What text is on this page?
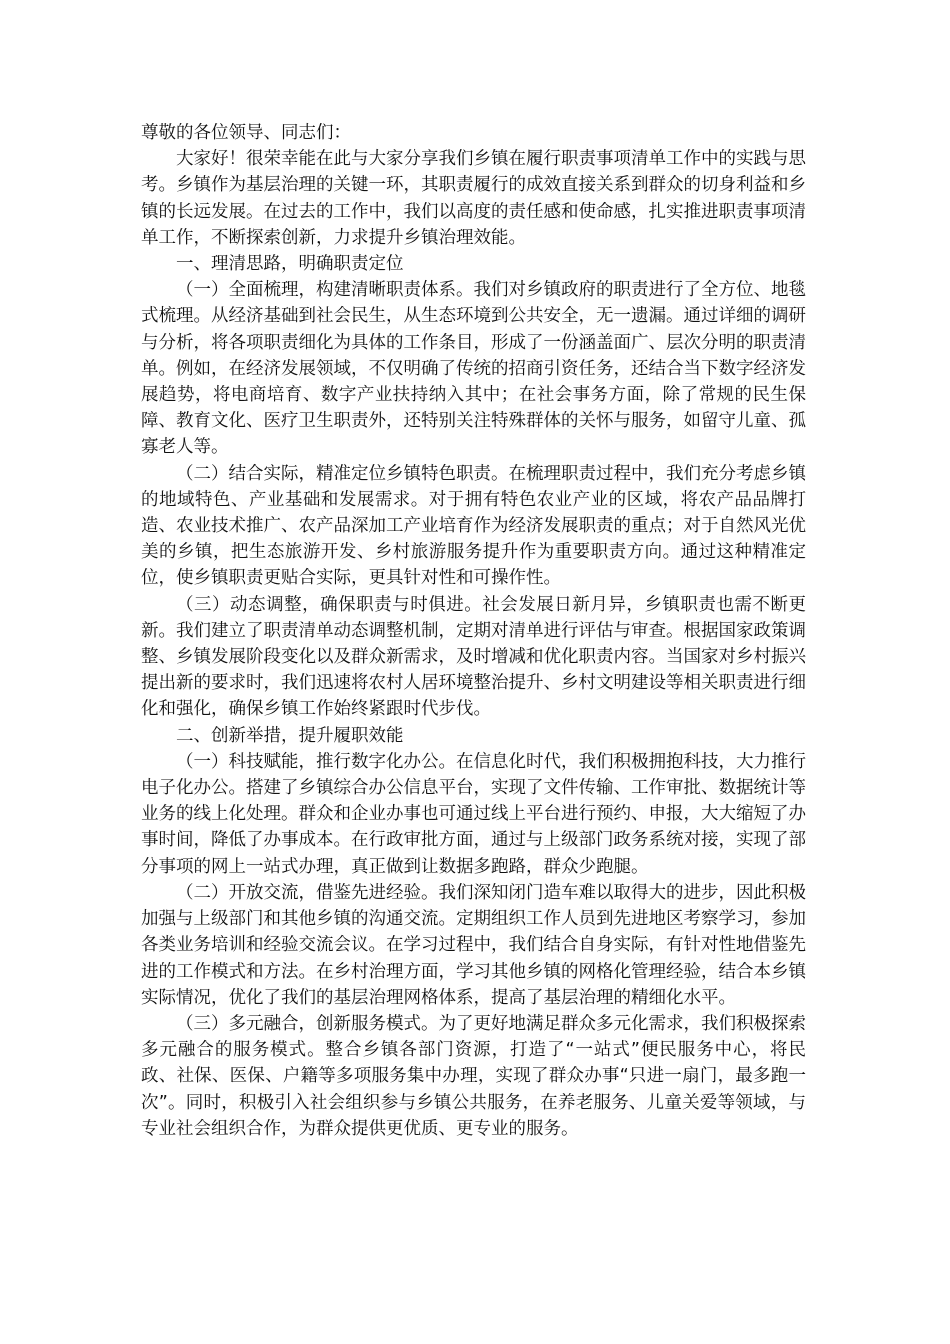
尊敬的各位领导、同志们：

大家好！很荣幸能在此与大家分享我们乡镇在履行职责事项清单工作中的实践与思考。乡镇作为基层治理的关键一环，其职责履行的成效直接关系到群众的切身利益和乡镇的长远发展。在过去的工作中，我们以高度的责任感和使命感，扎实推进职责事项清单工作，不断探索创新，力求提升乡镇治理效能。

一、理清思路，明确职责定位

（一）全面梳理，构建清晰职责体系。我们对乡镇政府的职责进行了全方位、地毯式梳理。从经济基础到社会民生，从生态环境到公共安全，无一遗漏。通过详细的调研与分析，将各项职责细化为具体的工作条目，形成了一份涵盖面广、层次分明的职责清单。例如，在经济发展领域，不仅明确了传统的招商引资任务，还结合当下数字经济发展趋势，将电商培育、数字产业扶持纳入其中；在社会事务方面，除了常规的民生保障、教育文化、医疗卫生职责外，还特别关注特殊群体的关怀与服务，如留守儿童、孤寡老人等。

（二）结合实际，精准定位乡镇特色职责。在梳理职责过程中，我们充分考虑乡镇的地域特色、产业基础和发展需求。对于拥有特色农业产业的区域，将农产品品牌打造、农业技术推广、农产品深加工产业培育作为经济发展职责的重点；对于自然风光优美的乡镇，把生态旅游开发、乡村旅游服务提升作为重要职责方向。通过这种精准定位，使乡镇职责更贴合实际，更具针对性和可操作性。

（三）动态调整，确保职责与时俱进。社会发展日新月异，乡镇职责也需不断更新。我们建立了职责清单动态调整机制，定期对清单进行评估与审查。根据国家政策调整、乡镇发展阶段变化以及群众新需求，及时增减和优化职责内容。当国家对乡村振兴提出新的要求时，我们迅速将农村人居环境整治提升、乡村文明建设等相关职责进行细化和强化，确保乡镇工作始终紧跟时代步伐。

二、创新举措，提升履职效能

（一）科技赋能，推行数字化办公。在信息化时代，我们积极拥抱科技，大力推行电子化办公。搭建了乡镇综合办公信息平台，实现了文件传输、工作审批、数据统计等业务的线上化处理。群众和企业办事也可通过线上平台进行预约、申报，大大缩短了办事时间，降低了办事成本。在行政审批方面，通过与上级部门政务系统对接，实现了部分事项的网上一站式办理，真正做到让数据多跑路，群众少跑腿。

（二）开放交流，借鉴先进经验。我们深知闭门造车难以取得大的进步，因此积极加强与上级部门和其他乡镇的沟通交流。定期组织工作人员到先进地区考察学习，参加各类业务培训和经验交流会议。在学习过程中，我们结合自身实际，有针对性地借鉴先进的工作模式和方法。在乡村治理方面，学习其他乡镇的网格化管理经验，结合本乡镇实际情况，优化了我们的基层治理网格体系，提高了基层治理的精细化水平。

（三）多元融合，创新服务模式。为了更好地满足群众多元化需求，我们积极探索多元融合的服务模式。整合乡镇各部门资源，打造了“一站式”便民服务中心，将民政、社保、医保、户籍等多项服务集中办理，实现了群众办事“只进一扇门，最多跑一次”。同时，积极引入社会组织参与乡镇公共服务，在养老服务、儿童关爱等领域，与专业社会组织合作，为群众提供更优质、更专业的服务。
